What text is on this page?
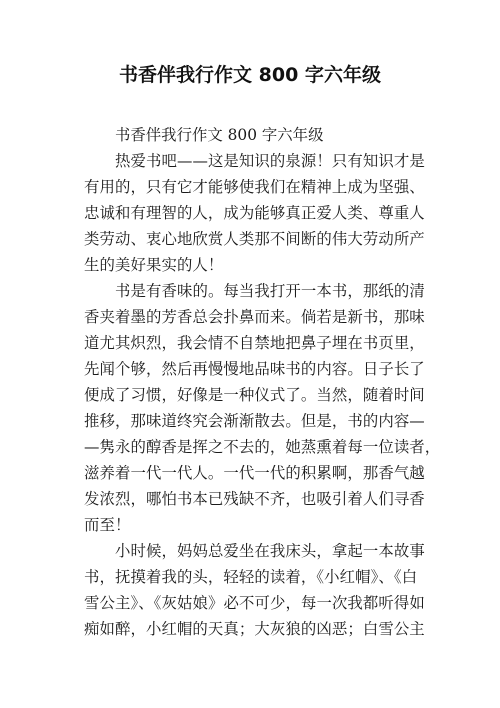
书香伴我行作文 800 字六年级

书香伴我行作文 800 字六年级

热爱书吧——这是知识的泉源！只有知识才是
有用的，只有它才能够使我们在精神上成为坚强、
忠诚和有理智的人，成为能够真正爱人类、尊重人
类劳动、衷心地欣赏人类那不间断的伟大劳动所产
生的美好果实的人！

书是有香味的。每当我打开一本书，那纸的清
香夹着墨的芳香总会扑鼻而来。倘若是新书，那味
道尤其炽烈，我会情不自禁地把鼻子埋在书页里，
先闻个够，然后再慢慢地品味书的内容。日子长了
便成了习惯，好像是一种仪式了。当然，随着时间
推移，那味道终究会渐渐散去。但是，书的内容—
—隽永的醇香是挥之不去的，她蒸熏着每一位读者，
滋养着一代一代人。一代一代的积累啊，那香气越
发浓烈，哪怕书本已残缺不齐，也吸引着人们寻香
而至！

小时候，妈妈总爱坐在我床头，拿起一本故事
书，抚摸着我的头，轻轻的读着，《小红帽》、《白
雪公主》、《灰姑娘》必不可少，每一次我都听得如
痴如醉，小红帽的天真；大灰狼的凶恶；白雪公主
